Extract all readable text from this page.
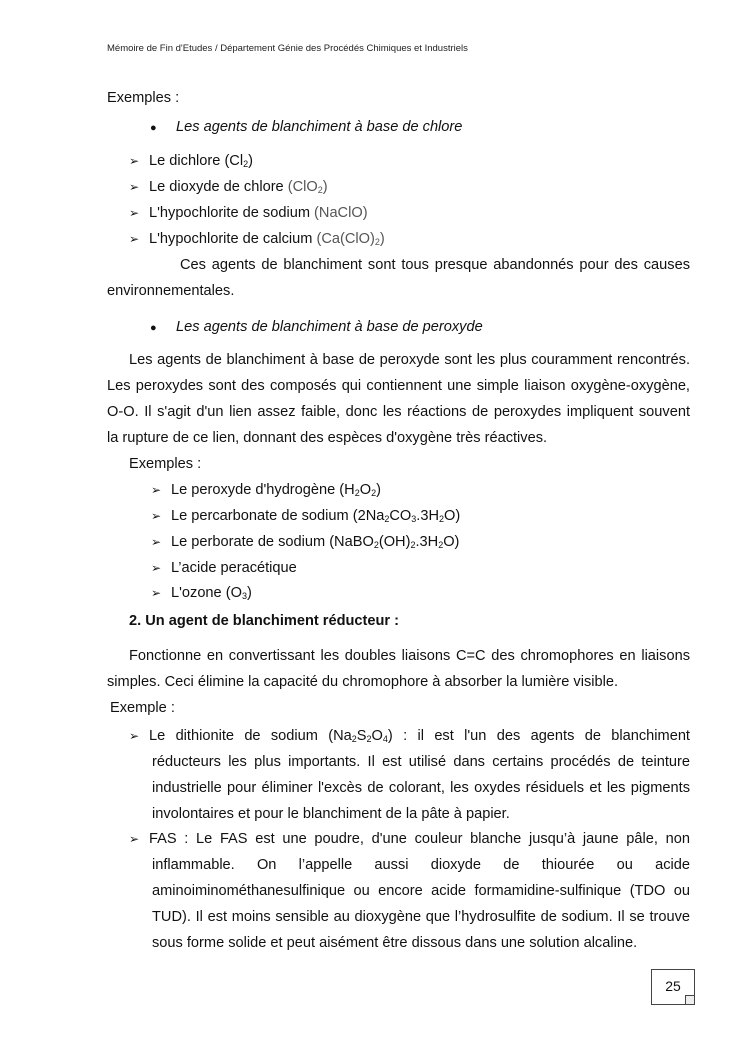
Mémoire de Fin d'Etudes / Département Génie des Procédés Chimiques et Industriels
Exemples :
● Les agents de blanchiment à base de chlore
➢ Le dichlore $(Cl_2)$
➢ Le dioxyde de chlore (ClO$_2$)
➢ L'hypochlorite de sodium (NaClO)
➢ L'hypochlorite de calcium $(Ca(ClO)_2)$
Ces agents de blanchiment sont tous presque abandonnés pour des causes
environnementales.
● Les agents de blanchiment à base de peroxyde
Les agents de blanchiment à base de peroxyde sont les plus couramment rencontrés.
Les peroxydes sont des composés qui contiennent une simple liaison oxygène-oxygène,
O-O. Il s'agit d'un lien assez faible, donc les réactions de peroxydes impliquent souvent
la rupture de ce lien, donnant des espèces d'oxygène très réactives.
Exemples :
➢ Le peroxyde d'hydrogène $(H_2O_2)$
➢ Le percarbonate de sodium $(2Na_2CO_3.3H_2O)$
➢ Le perborate de sodium $(NaBO_2(OH)_2.3H_2O)$
➢ L’acide peracétique
➢ L'ozone $(O_3)$
2. Un agent de blanchiment réducteur :
Fonctionne en convertissant les doubles liaisons C=C des chromophores en liaisons
simples. Ceci élimine la capacité du chromophore à absorber la lumière visible.
Exemple :
➢ Le dithionite de sodium $(Na_2S_2O_4)$ : il est l'un des agents de blanchiment
réducteurs les plus importants. Il est utilisé dans certains procédés de teinture
industrielle pour éliminer l'excès de colorant, les oxydes résiduels et les pigments
involontaires et pour le blanchiment de la pâte à papier.
➢ FAS : Le FAS est une poudre, d'une couleur blanche jusqu’à jaune pâle, non
inflammable. On l’appelle aussi dioxyde de thiourée ou acide
aminoiminométhanesulfinique ou encore acide formamidine-sulfinique (TDO ou
TUD). Il est moins sensible au dioxygène que l’hydrosulfite de sodium. Il se trouve
sous forme solide et peut aisément être dissous dans une solution alcaline.
25
